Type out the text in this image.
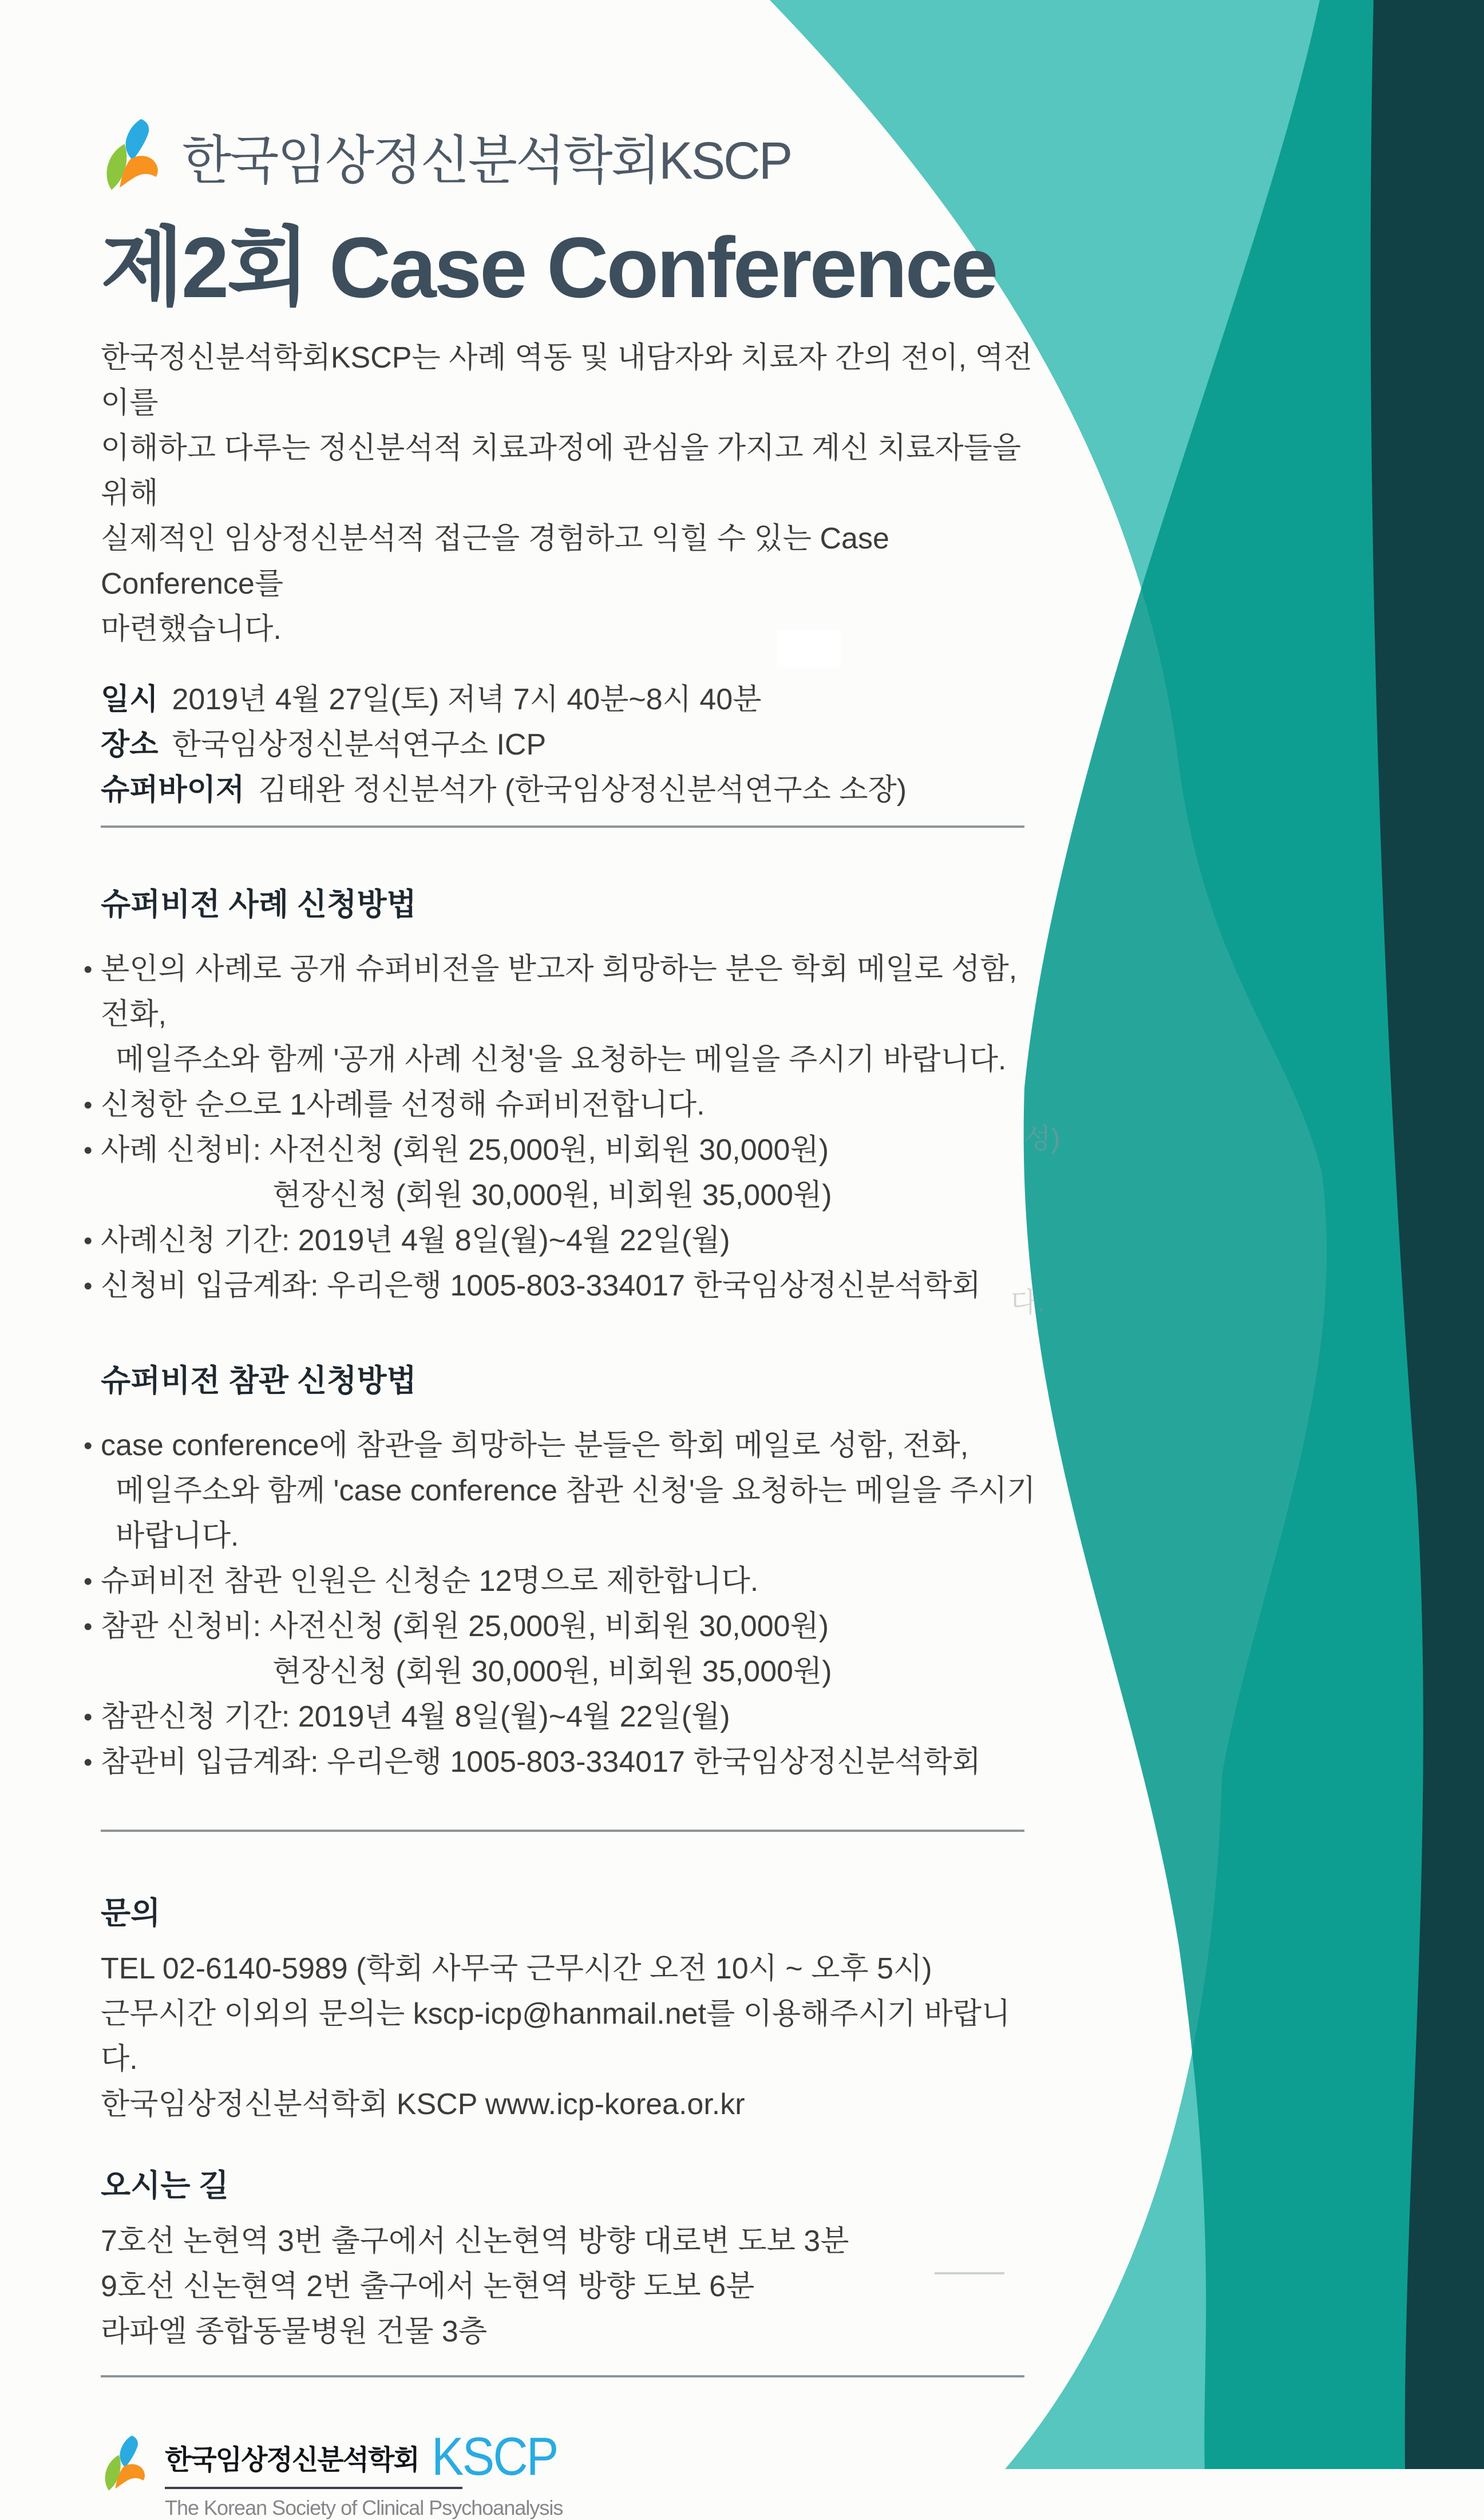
성)
다.
한국임상정신분석학회KSCP
제2회 Case Conference
한국정신분석학회KSCP는 사례 역동 및 내담자와 치료자 간의 전이, 역전이를
이해하고 다루는 정신분석적 치료과정에 관심을 가지고 계신 치료자들을 위해
실제적인 임상정신분석적 접근을 경험하고 익힐 수 있는 Case Conference를
마련했습니다.
일시 2019년 4월 27일(토) 저녁 7시 40분~8시 40분
장소 한국임상정신분석연구소 ICP
슈퍼바이저 김태완 정신분석가 (한국임상정신분석연구소 소장)
슈퍼비전 사례 신청방법
• 본인의 사례로 공개 슈퍼비전을 받고자 희망하는 분은 학회 메일로 성함, 전화,
메일주소와 함께 '공개 사례 신청'을 요청하는 메일을 주시기 바랍니다.
• 신청한 순으로 1사례를 선정해 슈퍼비전합니다.
• 사례 신청비: 사전신청 (회원 25,000원, 비회원 30,000원)
현장신청 (회원 30,000원, 비회원 35,000원)
• 사례신청 기간: 2019년 4월 8일(월)~4월 22일(월)
• 신청비 입금계좌: 우리은행 1005-803-334017 한국임상정신분석학회
슈퍼비전 참관 신청방법
• case conference에 참관을 희망하는 분들은 학회 메일로 성함, 전화,
메일주소와 함께 'case conference 참관 신청'을 요청하는 메일을 주시기 바랍니다.
• 슈퍼비전 참관 인원은 신청순 12명으로 제한합니다.
• 참관 신청비: 사전신청 (회원 25,000원, 비회원 30,000원)
현장신청 (회원 30,000원, 비회원 35,000원)
• 참관신청 기간: 2019년 4월 8일(월)~4월 22일(월)
• 참관비 입금계좌: 우리은행 1005-803-334017 한국임상정신분석학회
문의
TEL 02-6140-5989 (학회 사무국 근무시간 오전 10시 ~ 오후 5시)
근무시간 이외의 문의는 kscp-icp@hanmail.net를 이용해주시기 바랍니다.
한국임상정신분석학회 KSCP www.icp-korea.or.kr
오시는 길
7호선 논현역 3번 출구에서 신논현역 방향 대로변 도보 3분
9호선 신논현역 2번 출구에서 논현역 방향 도보 6분
라파엘 종합동물병원 건물 3층
한국임상정신분석학회 KSCP
The Korean Society of Clinical Psychoanalysis
